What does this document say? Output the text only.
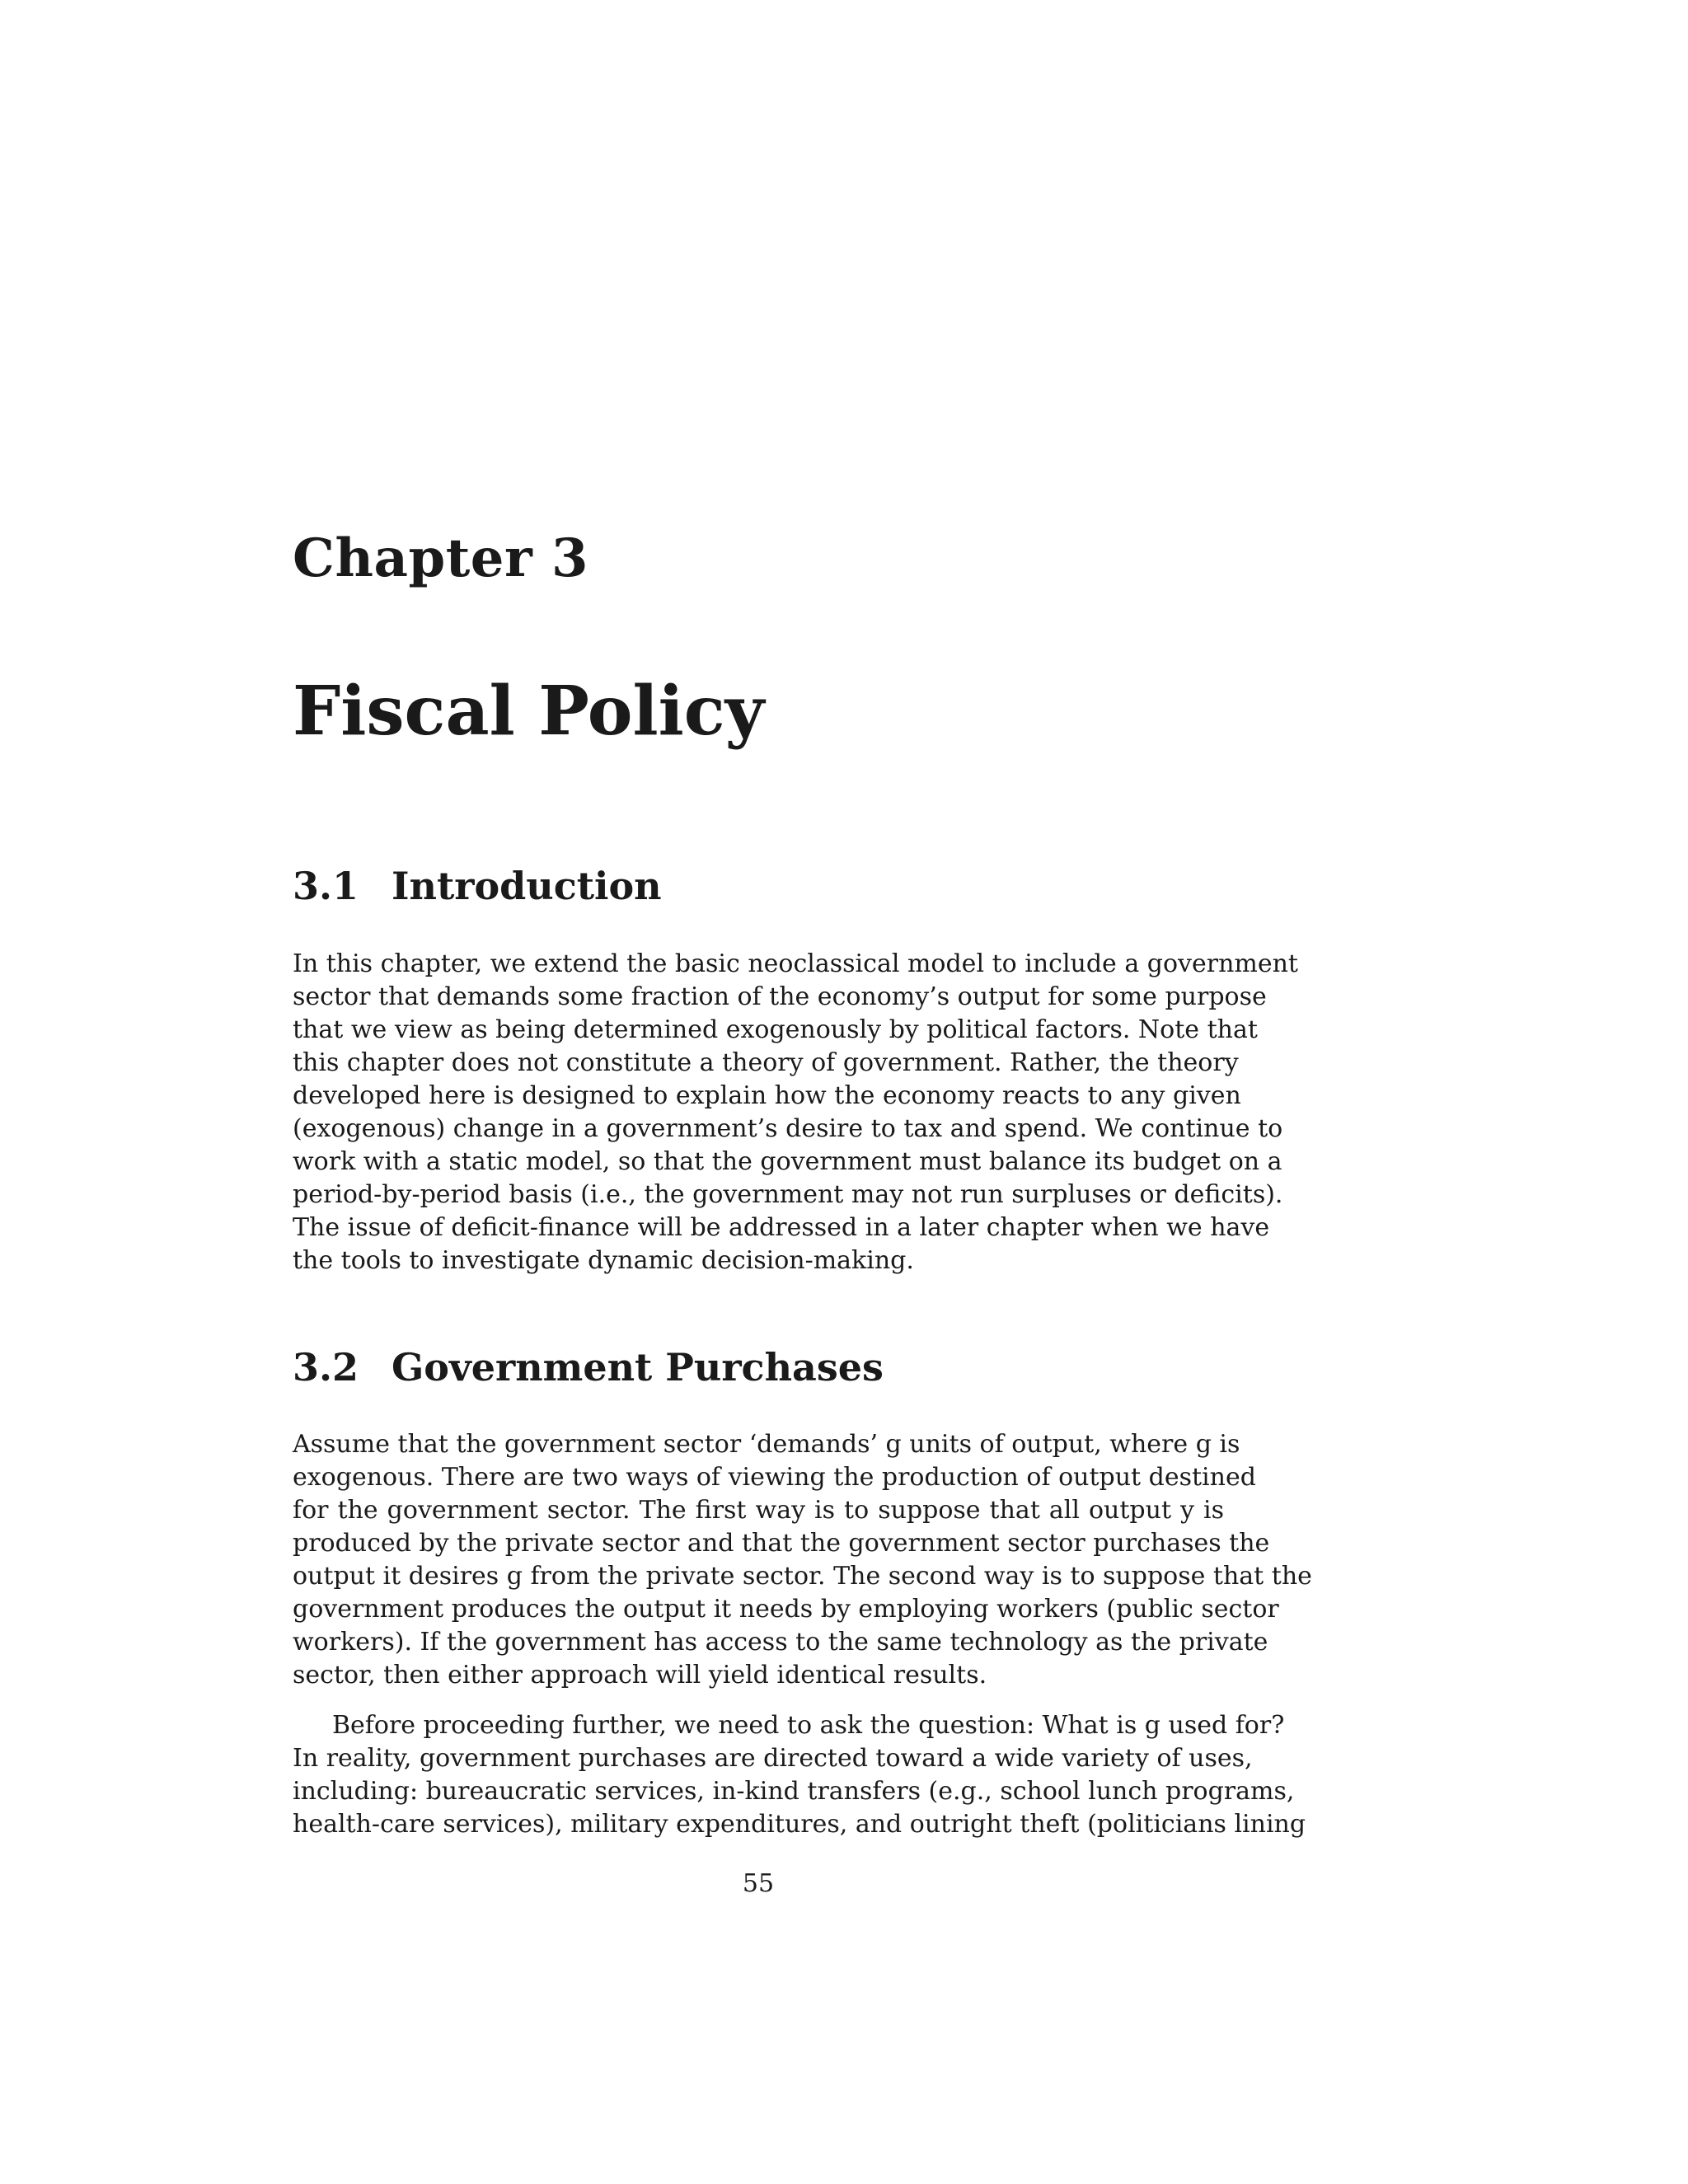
Chapter 3
Fiscal Policy
3.1 Introduction
In this chapter, we extend the basic neoclassical model to include a government
sector that demands some fraction of the economy’s output for some purpose
that we view as being determined exogenously by political factors. Note that
this chapter does not constitute a theory of government. Rather, the theory
developed here is designed to explain how the economy reacts to any given
(exogenous) change in a government’s desire to tax and spend. We continue to
work with a static model, so that the government must balance its budget on a
period-by-period basis (i.e., the government may not run surpluses or deficits).
The issue of deficit-finance will be addressed in a later chapter when we have
the tools to investigate dynamic decision-making.
3.2 Government Purchases
Assume that the government sector ‘demands’ g units of output, where g is
exogenous. There are two ways of viewing the production of output destined
for the government sector. The first way is to suppose that all output y is
produced by the private sector and that the government sector purchases the
output it desires g from the private sector. The second way is to suppose that the
government produces the output it needs by employing workers (public sector
workers). If the government has access to the same technology as the private
sector, then either approach will yield identical results.
Before proceeding further, we need to ask the question: What is g used for?
In reality, government purchases are directed toward a wide variety of uses,
including: bureaucratic services, in-kind transfers (e.g., school lunch programs,
health-care services), military expenditures, and outright theft (politicians lining

55
